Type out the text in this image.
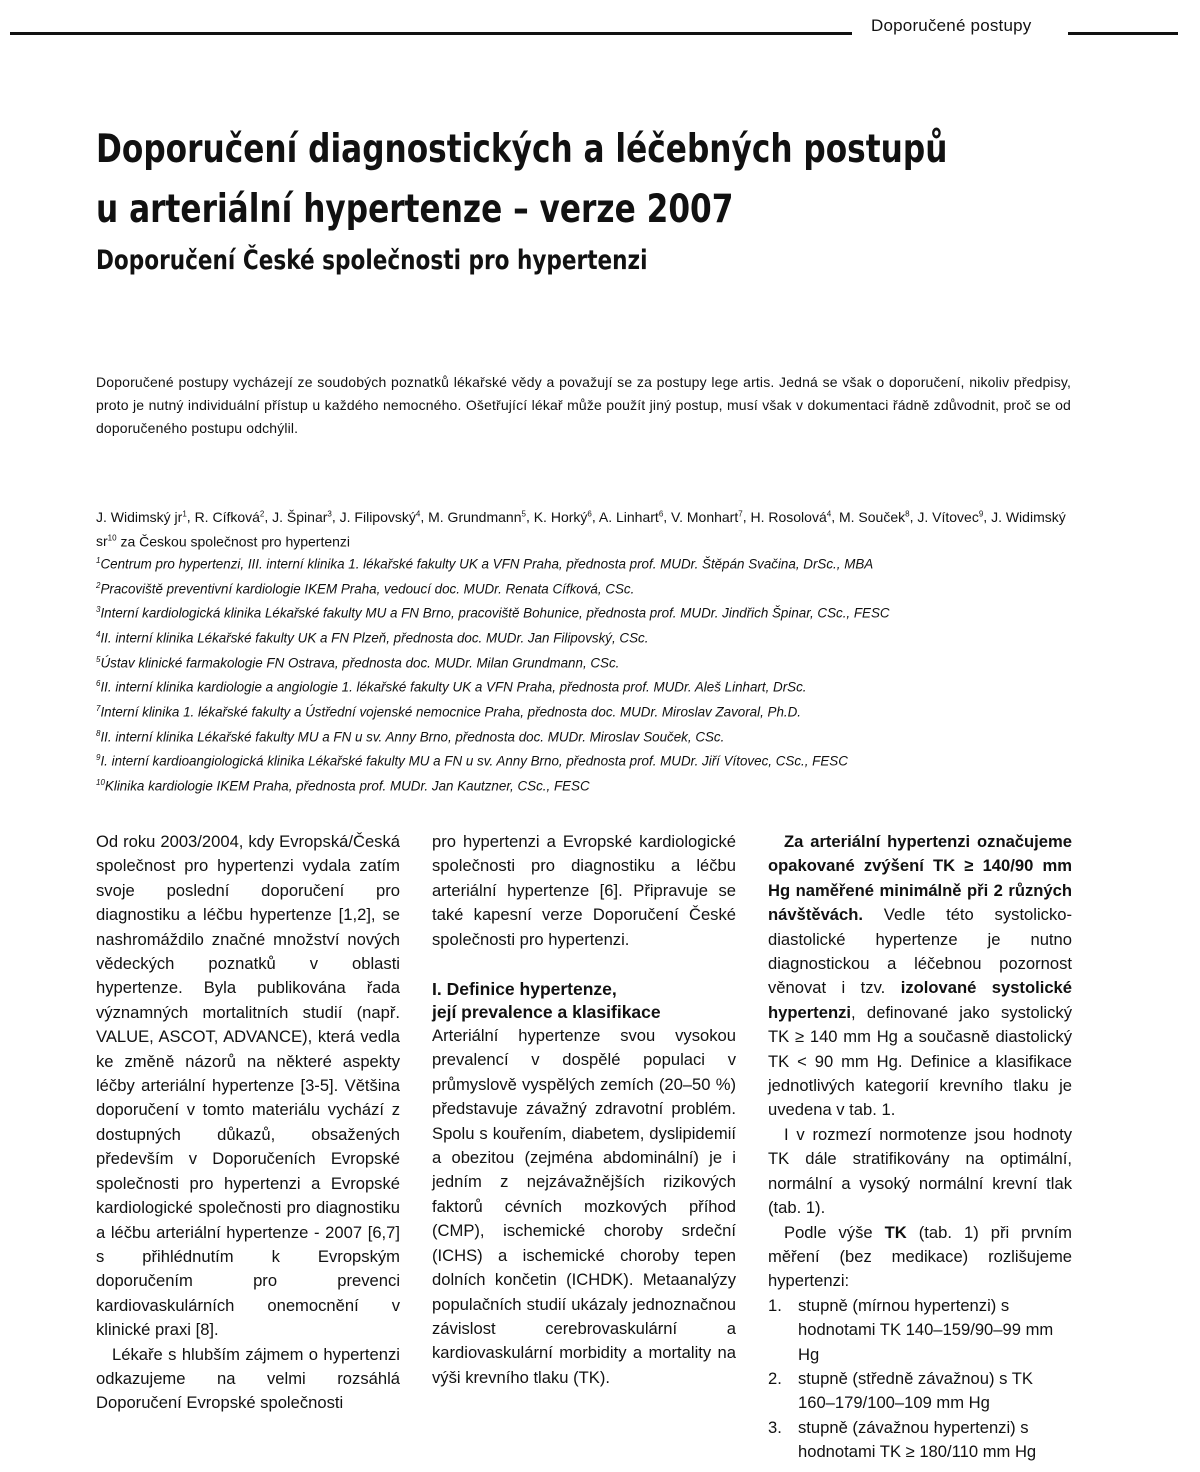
Doporučené postupy
Doporučení diagnostických a léčebných postupů
u arteriální hypertenze – verze 2007
Doporučení České společnosti pro hypertenzi
Doporučené postupy vycházejí ze soudobých poznatků lékařské vědy a považují se za postupy lege artis. Jedná se však o doporučení, nikoliv předpisy, proto je nutný individuální přístup u každého nemocného. Ošetřující lékař může použít jiný postup, musí však v dokumentaci řádně zdůvodnit, proč se od doporučeného postupu odchýlil.
J. Widimský $jr^1$, R. Cífková$^2$, J. Špinar$^3$, J. Filipovský$^4$, M. Grundmann$^5$, K. Horký$^6$, A. Linhart$^6$, V. Monhart$^7$, H. Rosolová$^4$, M. Souček$^8$, J. Vítovec$^9$, J. Widimský $sr^{10}$ za Českou společnost pro hypertenzi
$^1$Centrum pro hypertenzi, III. interní klinika 1. lékařské fakulty UK a VFN Praha, přednosta prof. MUDr. Štěpán Svačina, DrSc., MBA
$^2$Pracoviště preventivní kardiologie IKEM Praha, vedoucí doc. MUDr. Renata Cífková, CSc.
$^3$Interní kardiologická klinika Lékařské fakulty MU a FN Brno, pracoviště Bohunice, přednosta prof. MUDr. Jindřich Špinar, CSc., FESC
$^4$II. interní klinika Lékařské fakulty UK a FN Plzeň, přednosta doc. MUDr. Jan Filipovský, CSc.
$^5$Ústav klinické farmakologie FN Ostrava, přednosta doc. MUDr. Milan Grundmann, CSc.
$^6$II. interní klinika kardiologie a angiologie 1. lékařské fakulty UK a VFN Praha, přednosta prof. MUDr. Aleš Linhart, DrSc.
$^7$Interní klinika 1. lékařské fakulty a Ústřední vojenské nemocnice Praha, přednosta doc. MUDr. Miroslav Zavoral, Ph.D.
$^8$II. interní klinika Lékařské fakulty MU a FN u sv. Anny Brno, přednosta doc. MUDr. Miroslav Souček, CSc.
$^9$I. interní kardioangiologická klinika Lékařské fakulty MU a FN u sv. Anny Brno, přednosta prof. MUDr. Jiří Vítovec, CSc., FESC
$^{10}$Klinika kardiologie IKEM Praha, přednosta prof. MUDr. Jan Kautzner, CSc., FESC

Od roku 2003/2004, kdy Evropská/Česká společnost pro hypertenzi vydala zatím svoje poslední doporučení pro diagnostiku a léčbu hypertenze [1,2], se nashromáždilo značné množství nových vědeckých poznatků v oblasti hypertenze. Byla publikována řada významných mortalitních studií (např. VALUE, ASCOT, ADVANCE), která vedla ke změně názorů na některé aspekty léčby arteriální hypertenze [3-5]. Většina doporučení v tomto materiálu vychází z dostupných důkazů, obsažených především v Doporučeních Evropské společnosti pro hypertenzi a Evropské kardiologické společnosti pro diagnostiku a léčbu arteriální hypertenze - 2007 [6,7] s přihlédnutím k Evropským doporučením pro prevenci kardiovaskulárních onemocnění v klinické praxi [8].

Lékaře s hlubším zájmem o hypertenzi odkazujeme na velmi rozsáhlá Doporučení Evropské společnosti

pro hypertenzi a Evropské kardiologické společnosti pro diagnostiku a léčbu arteriální hypertenze [6]. Připravuje se také kapesní verze Doporučení České společnosti pro hypertenzi.

I. Definice hypertenze,
její prevalence a klasifikace

Arteriální hypertenze svou vysokou prevalencí v dospělé populaci v průmyslově vyspělých zemích (20–50 %) představuje závažný zdravotní problém. Spolu s kouřením, diabetem, dyslipidemií a obezitou (zejména abdominální) je i jedním z nejzávažnějších rizikových faktorů cévních mozkových příhod (CMP), ischemické choroby srdeční (ICHS) a ischemické choroby tepen dolních končetin (ICHDK). Metaanalýzy populačních studií ukázaly jednoznačnou závislost cerebrovaskulární a kardiovaskulární morbidity a mortality na výši krevního tlaku (TK).

Za arteriální hypertenzi označujeme opakované zvýšení TK ≥ 140/90 mm Hg naměřené minimálně při 2 různých návštěvách. Vedle této systolicko-diastolické hypertenze je nutno diagnostickou a léčebnou pozornost věnovat i tzv. izolované systolické hypertenzi, definované jako systolický TK ≥ 140 mm Hg a současně diastolický TK < 90 mm Hg. Definice a klasifikace jednotlivých kategorií krevního tlaku je uvedena v tab. 1.

I v rozmezí normotenze jsou hodnoty TK dále stratifikovány na optimální, normální a vysoký normální krevní tlak (tab. 1).

Podle výše TK (tab. 1) při prvním měření (bez medikace) rozlišujeme hypertenzi:

1. stupně (mírnou hypertenzi) s hodnotami TK 140–159/90–99 mm Hg
2. stupně (středně závažnou) s TK 160–179/100–109 mm Hg
3. stupně (závažnou hypertenzi) s hodnotami TK ≥ 180/110 mm Hg
